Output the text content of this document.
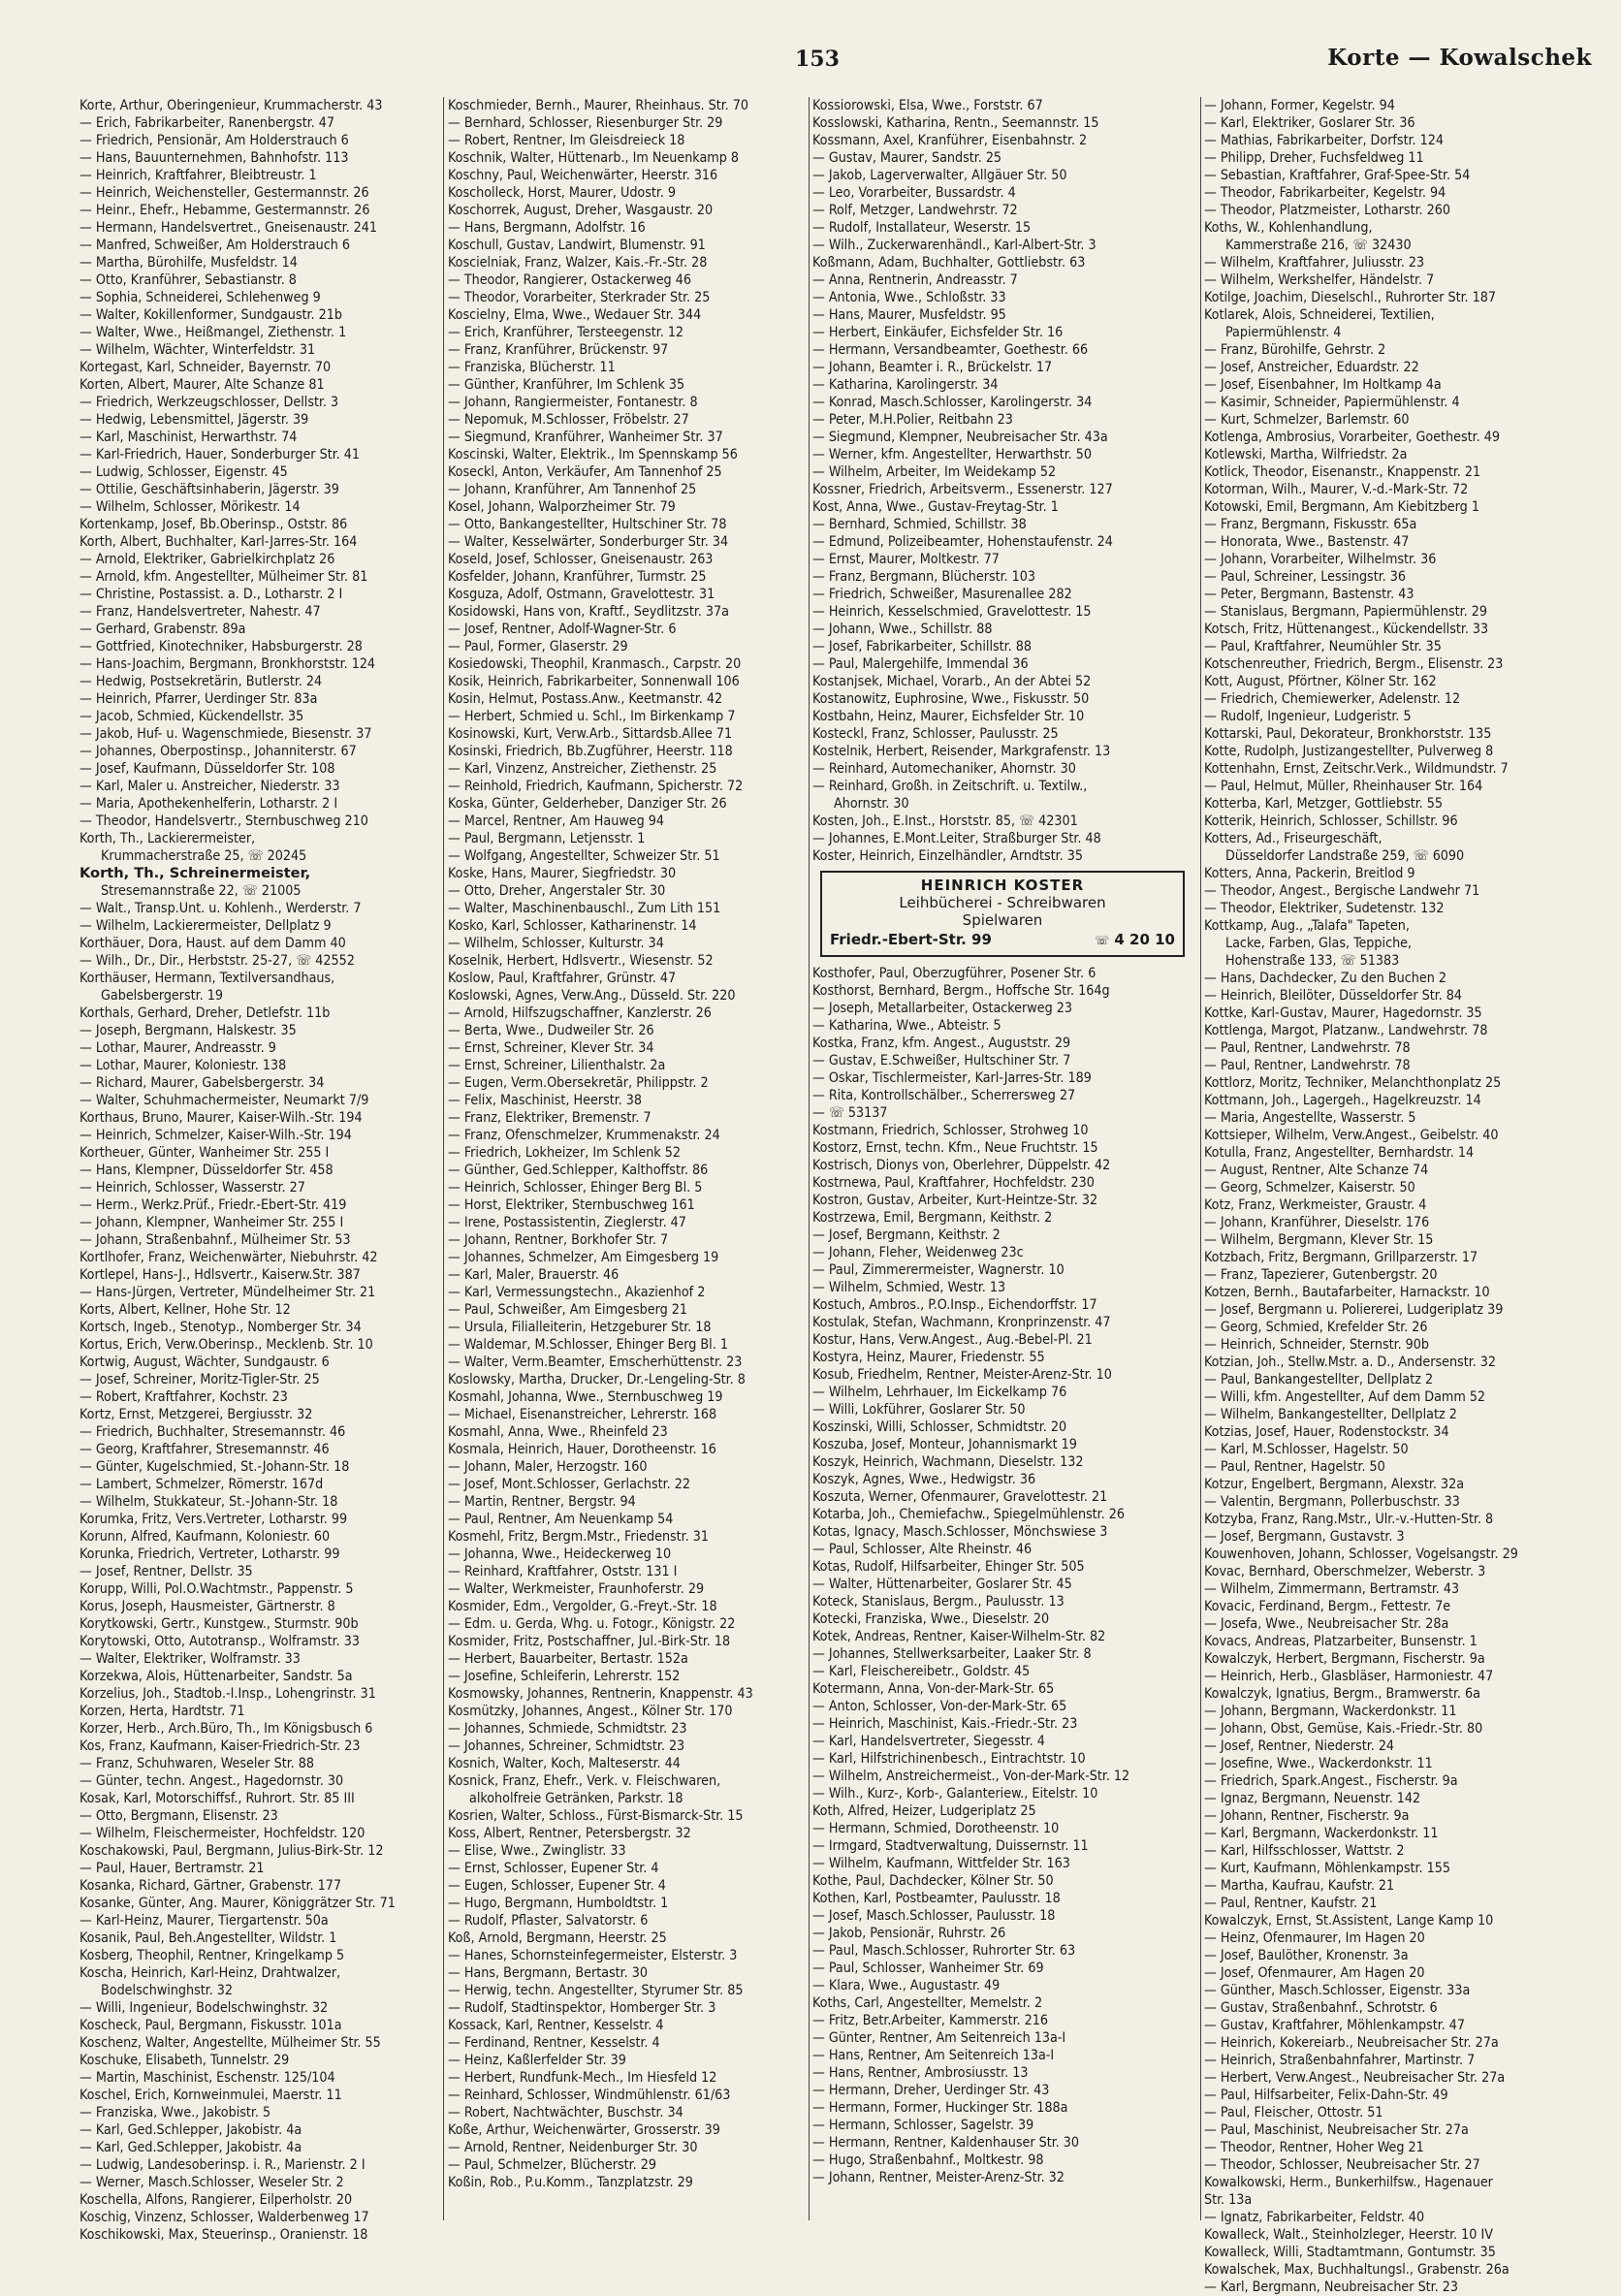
153	Korte — Kowalschek
Korte, Arthur, Oberingenieur, Krummacherstr. 43
— Erich, Fabrikarbeiter, Ranenbergstr. 47
— Friedrich, Pensionär, Am Holderstrauch 6
— Hans, Bauunternehmen, Bahnhofstr. 113
— Heinrich, Kraftfahrer, Bleibtreustr. 1
— Heinrich, Weichensteller, Gestermannstr. 26
— Heinr., Ehefr., Hebamme, Gestermannstr. 26
— Hermann, Handelsvertret., Gneisenaustr. 241
— Manfred, Schweißer, Am Holderstrauch 6
— Martha, Bürohilfe, Musfeldstr. 14
— Otto, Kranführer, Sebastianstr. 8
— Sophia, Schneiderei, Schlehenweg 9
— Walter, Kokillenformer, Sundgaustr. 21b
— Walter, Wwe., Heißmangel, Ziethenstr. 1
— Wilhelm, Wächter, Winterfeldstr. 31
Kortegast, Karl, Schneider, Bayernstr. 70
Korten, Albert, Maurer, Alte Schanze 81
— Friedrich, Werkzeugschlosser, Dellstr. 3
— Hedwig, Lebensmittel, Jägerstr. 39
— Karl, Maschinist, Herwarthstr. 74
— Karl-Friedrich, Hauer, Sonderburger Str. 41
— Ludwig, Schlosser, Eigenstr. 45
— Ottilie, Geschäftsinhaberin, Jägerstr. 39
— Wilhelm, Schlosser, Mörikestr. 14
Kortenkamp, Josef, Bb.Oberinsp., Oststr. 86
Korth, Albert, Buchhalter, Karl-Jarres-Str. 164
— Arnold, Elektriker, Gabrielkirchplatz 26
— Arnold, kfm. Angestellter, Mülheimer Str. 81
— Christine, Postassist. a. D., Lotharstr. 2 I
— Franz, Handelsvertreter, Nahestr. 47
— Gerhard, Grabenstr. 89a
— Gottfried, Kinotechniker, Habsburgerstr. 28
— Hans-Joachim, Bergmann, Bronkhorststr. 124
— Hedwig, Postsekretärin, Butlerstr. 24
— Heinrich, Pfarrer, Uerdinger Str. 83a
— Jacob, Schmied, Kückendellstr. 35
— Jakob, Huf- u. Wagenschmiede, Biesenstr. 37
— Johannes, Oberpostinsp., Johanniterstr. 67
— Josef, Kaufmann, Düsseldorfer Str. 108
— Karl, Maler u. Anstreicher, Niederstr. 33
— Maria, Apothekenhelferin, Lotharstr. 2 I
— Theodor, Handelsvertr., Sternbuschweg 210
Korth, Th., Lackierermeister,
Krummacherstraße 25, ☏ 20245
Korth, Th., Schreinermeister,
Stresemannstraße 22, ☏ 21005
— Walt., Transp.Unt. u. Kohlenh., Werderstr. 7
— Wilhelm, Lackierermeister, Dellplatz 9
Korthäuer, Dora, Haust. auf dem Damm 40
— Wilh., Dr., Dir., Herbststr. 25-27, ☏ 42552
Korthäuser, Hermann, Textilversandhaus,
Gabelsbergerstr. 19
Korthals, Gerhard, Dreher, Detlefstr. 11b
— Joseph, Bergmann, Halskestr. 35
— Lothar, Maurer, Andreasstr. 9
— Lothar, Maurer, Koloniestr. 138
— Richard, Maurer, Gabelsbergerstr. 34
— Walter, Schuhmachermeister, Neumarkt 7/9
Korthaus, Bruno, Maurer, Kaiser-Wilh.-Str. 194
— Heinrich, Schmelzer, Kaiser-Wilh.-Str. 194
Kortheuer, Günter, Wanheimer Str. 255 I
— Hans, Klempner, Düsseldorfer Str. 458
— Heinrich, Schlosser, Wasserstr. 27
— Herm., Werkz.Prüf., Friedr.-Ebert-Str. 419
— Johann, Klempner, Wanheimer Str. 255 I
— Johann, Straßenbahnf., Mülheimer Str. 53
Kortlhofer, Franz, Weichenwärter, Niebuhrstr. 42
Kortlepel, Hans-J., Hdlsvertr., Kaiserw.Str. 387
— Hans-Jürgen, Vertreter, Mündelheimer Str. 21
Korts, Albert, Kellner, Hohe Str. 12
Kortsch, Ingeb., Stenotyp., Nomberger Str. 34
Kortus, Erich, Verw.Oberinsp., Mecklenb. Str. 10
Kortwig, August, Wächter, Sundgaustr. 6
— Josef, Schreiner, Moritz-Tigler-Str. 25
— Robert, Kraftfahrer, Kochstr. 23
Kortz, Ernst, Metzgerei, Bergiusstr. 32
— Friedrich, Buchhalter, Stresemannstr. 46
— Georg, Kraftfahrer, Stresemannstr. 46
— Günter, Kugelschmied, St.-Johann-Str. 18
— Lambert, Schmelzer, Römerstr. 167d
— Wilhelm, Stukkateur, St.-Johann-Str. 18
Korumka, Fritz, Vers.Vertreter, Lotharstr. 99
Korunn, Alfred, Kaufmann, Koloniestr. 60
Korunka, Friedrich, Vertreter, Lotharstr. 99
— Josef, Rentner, Dellstr. 35
Korupp, Willi, Pol.O.Wachtmstr., Pappenstr. 5
Korus, Joseph, Hausmeister, Gärtnerstr. 8
Korytkowski, Gertr., Kunstgew., Sturmstr. 90b
Korytowski, Otto, Autotransp., Wolframstr. 33
— Walter, Elektriker, Wolframstr. 33
Korzekwa, Alois, Hüttenarbeiter, Sandstr. 5a
Korzelius, Joh., Stadtob.-I.Insp., Lohengrinstr. 31
Korzen, Herta, Hardtstr. 71
Korzer, Herb., Arch.Büro, Th., Im Königsbusch 6
Kos, Franz, Kaufmann, Kaiser-Friedrich-Str. 23
— Franz, Schuhwaren, Weseler Str. 88
— Günter, techn. Angest., Hagedornstr. 30
Kosak, Karl, Motorschiffsf., Ruhrort. Str. 85 III
— Otto, Bergmann, Elisenstr. 23
— Wilhelm, Fleischermeister, Hochfeldstr. 120
Koschakowski, Paul, Bergmann, Julius-Birk-Str. 12
— Paul, Hauer, Bertramstr. 21
Kosanka, Richard, Gärtner, Grabenstr. 177
Kosanke, Günter, Ang. Maurer, Königgrätzer Str. 71
— Karl-Heinz, Maurer, Tiergartenstr. 50a
Kosanik, Paul, Beh.Angestellter, Wildstr. 1
Kosberg, Theophil, Rentner, Kringelkamp 5
Koscha, Heinrich, Karl-Heinz, Drahtwalzer,
Bodelschwinghstr. 32
— Willi, Ingenieur, Bodelschwinghstr. 32
Koscheck, Paul, Bergmann, Fiskusstr. 101a
Koschenz, Walter, Angestellte, Mülheimer Str. 55
Koschuke, Elisabeth, Tunnelstr. 29
— Martin, Maschinist, Eschenstr. 125/104
Koschel, Erich, Kornweinmulei, Maerstr. 11
— Franziska, Wwe., Jakobistr. 5
— Karl, Ged.Schlepper, Jakobistr. 4a
— Karl, Ged.Schlepper, Jakobistr. 4a
— Ludwig, Landesoberinsp. i. R., Marienstr. 2 I
— Werner, Masch.Schlosser, Weseler Str. 2
Koschella, Alfons, Rangierer, Eilperholstr. 20
Koschig, Vinzenz, Schlosser, Walderbenweg 17
Koschikowski, Max, Steuerinsp., Oranienstr. 18
Koschmieder, Bernh., Maurer, Rheinhaus. Str. 70
— Bernhard, Schlosser, Riesenburger Str. 29
— Robert, Rentner, Im Gleisdreieck 18
Koschnik, Walter, Hüttenarb., Im Neuenkamp 8
Koschny, Paul, Weichenwärter, Heerstr. 316
Koscholleck, Horst, Maurer, Udostr. 9
Koschorrek, August, Dreher, Wasgaustr. 20
— Hans, Bergmann, Adolfstr. 16
Koschull, Gustav, Landwirt, Blumenstr. 91
Koscielniak, Franz, Walzer, Kais.-Fr.-Str. 28
— Theodor, Rangierer, Ostackerweg 46
— Theodor, Vorarbeiter, Sterkrader Str. 25
Koscielny, Elma, Wwe., Wedauer Str. 344
— Erich, Kranführer, Tersteegenstr. 12
— Franz, Kranführer, Brückenstr. 97
— Franziska, Blücherstr. 11
— Günther, Kranführer, Im Schlenk 35
— Johann, Rangiermeister, Fontanestr. 8
— Nepomuk, M.Schlosser, Fröbelstr. 27
— Siegmund, Kranführer, Wanheimer Str. 37
Koscinski, Walter, Elektrik., Im Spennskamp 56
Koseckl, Anton, Verkäufer, Am Tannenhof 25
— Johann, Kranführer, Am Tannenhof 25
Kosel, Johann, Walporzheimer Str. 79
— Otto, Bankangestellter, Hultschiner Str. 78
— Walter, Kesselwärter, Sonderburger Str. 34
Koseld, Josef, Schlosser, Gneisenaustr. 263
Kosfelder, Johann, Kranführer, Turmstr. 25
Kosguza, Adolf, Ostmann, Gravelottestr. 31
Kosidowski, Hans von, Kraftf., Seydlitzstr. 37a
— Josef, Rentner, Adolf-Wagner-Str. 6
— Paul, Former, Glaserstr. 29
Kosiedowski, Theophil, Kranmasch., Carpstr. 20
Kosik, Heinrich, Fabrikarbeiter, Sonnenwall 106
Kosin, Helmut, Postass.Anw., Keetmanstr. 42
— Herbert, Schmied u. Schl., Im Birkenkamp 7
Kosinowski, Kurt, Verw.Arb., Sittardsb.Allee 71
Kosinski, Friedrich, Bb.Zugführer, Heerstr. 118
— Karl, Vinzenz, Anstreicher, Ziethenstr. 25
— Reinhold, Friedrich, Kaufmann, Spicherstr. 72
Koska, Günter, Gelderheber, Danziger Str. 26
— Marcel, Rentner, Am Hauweg 94
— Paul, Bergmann, Letjensstr. 1
— Wolfgang, Angestellter, Schweizer Str. 51
Koske, Hans, Maurer, Siegfriedstr. 30
— Otto, Dreher, Angerstaler Str. 30
— Walter, Maschinenbauschl., Zum Lith 151
Kosko, Karl, Schlosser, Katharinenstr. 14
— Wilhelm, Schlosser, Kulturstr. 34
Koselnik, Herbert, Hdlsvertr., Wiesenstr. 52
Koslow, Paul, Kraftfahrer, Grünstr. 47
Koslowski, Agnes, Verw.Ang., Düsseld. Str. 220
— Arnold, Hilfszugschaffner, Kanzlerstr. 26
— Berta, Wwe., Dudweiler Str. 26
— Ernst, Schreiner, Klever Str. 34
— Ernst, Schreiner, Lilienthalstr. 2a
— Eugen, Verm.Obersekretär, Philippstr. 2
— Felix, Maschinist, Heerstr. 38
— Franz, Elektriker, Bremenstr. 7
— Franz, Ofenschmelzer, Krummenakstr. 24
— Friedrich, Lokheizer, Im Schlenk 52
— Günther, Ged.Schlepper, Kalthoffstr. 86
— Heinrich, Schlosser, Ehinger Berg Bl. 5
— Horst, Elektriker, Sternbuschweg 161
— Irene, Postassistentin, Zieglerstr. 47
— Johann, Rentner, Borkhofer Str. 7
— Johannes, Schmelzer, Am Eimgesberg 19
— Karl, Maler, Brauerstr. 46
— Karl, Vermessungstechn., Akazienhof 2
— Paul, Schweißer, Am Eimgesberg 21
— Ursula, Filialleiterin, Hetzgeburer Str. 18
— Waldemar, M.Schlosser, Ehinger Berg Bl. 1
— Walter, Verm.Beamter, Emscherhüttenstr. 23
Koslowsky, Martha, Drucker, Dr.-Lengeling-Str. 8
Kosmahl, Johanna, Wwe., Sternbuschweg 19
— Michael, Eisenanstreicher, Lehrerstr. 168
Kosmahl, Anna, Wwe., Rheinfeld 23
Kosmala, Heinrich, Hauer, Dorotheenstr. 16
— Johann, Maler, Herzogstr. 160
— Josef, Mont.Schlosser, Gerlachstr. 22
— Martin, Rentner, Bergstr. 94
— Paul, Rentner, Am Neuenkamp 54
Kosmehl, Fritz, Bergm.Mstr., Friedenstr. 31
— Johanna, Wwe., Heideckerweg 10
— Reinhard, Kraftfahrer, Oststr. 131 I
— Walter, Werkmeister, Fraunhoferstr. 29
Kosmider, Edm., Vergolder, G.-Freyt.-Str. 18
— Edm. u. Gerda, Whg. u. Fotogr., Königstr. 22
Kosmider, Fritz, Postschaffner, Jul.-Birk-Str. 18
— Herbert, Bauarbeiter, Bertastr. 152a
— Josefine, Schleiferin, Lehrerstr. 152
Kosmowsky, Johannes, Rentnerin, Knappenstr. 43
Kosmützky, Johannes, Angest., Kölner Str. 170
— Johannes, Schmiede, Schmidtstr. 23
— Johannes, Schreiner, Schmidtstr. 23
Kosnich, Walter, Koch, Malteserstr. 44
Kosnick, Franz, Ehefr., Verk. v. Fleischwaren,
alkoholfreie Getränken, Parkstr. 18
Kosrien, Walter, Schloss., Fürst-Bismarck-Str. 15
Koss, Albert, Rentner, Petersbergstr. 32
— Elise, Wwe., Zwinglistr. 33
— Ernst, Schlosser, Eupener Str. 4
— Eugen, Schlosser, Eupener Str. 4
— Hugo, Bergmann, Humboldtstr. 1
— Rudolf, Pflaster, Salvatorstr. 6
Koß, Arnold, Bergmann, Heerstr. 25
— Hanes, Schornsteinfegermeister, Elsterstr. 3
— Hans, Bergmann, Bertastr. 30
— Herwig, techn. Angestellter, Styrumer Str. 85
— Rudolf, Stadtinspektor, Homberger Str. 3
Kossack, Karl, Rentner, Kesselstr. 4
— Ferdinand, Rentner, Kesselstr. 4
— Heinz, Kaßlerfelder Str. 39
— Herbert, Rundfunk-Mech., Im Hiesfeld 12
— Reinhard, Schlosser, Windmühlenstr. 61/63
— Robert, Nachtwächter, Buschstr. 34
Koße, Arthur, Weichenwärter, Grosserstr. 39
— Arnold, Rentner, Neidenburger Str. 30
— Paul, Schmelzer, Blücherstr. 29
Koßin, Rob., P.u.Komm., Tanzplatzstr. 29
Kossiorowski, Elsa, Wwe., Forststr. 67
Kosslowski, Katharina, Rentn., Seemannstr. 15
Kossmann, Axel, Kranführer, Eisenbahnstr. 2
— Gustav, Maurer, Sandstr. 25
— Jakob, Lagerverwalter, Allgäuer Str. 50
— Leo, Vorarbeiter, Bussardstr. 4
— Rolf, Metzger, Landwehrstr. 72
— Rudolf, Installateur, Weserstr. 15
— Wilh., Zuckerwarenhändl., Karl-Albert-Str. 3
Koßmann, Adam, Buchhalter, Gottliebstr. 63
— Anna, Rentnerin, Andreasstr. 7
— Antonia, Wwe., Schloßstr. 33
— Hans, Maurer, Musfeldstr. 95
— Herbert, Einkäufer, Eichsfelder Str. 16
— Hermann, Versandbeamter, Goethestr. 66
— Johann, Beamter i. R., Brückelstr. 17
— Katharina, Karolingerstr. 34
— Konrad, Masch.Schlosser, Karolingerstr. 34
— Peter, M.H.Polier, Reitbahn 23
— Siegmund, Klempner, Neubreisacher Str. 43a
— Werner, kfm. Angestellter, Herwarthstr. 50
— Wilhelm, Arbeiter, Im Weidekamp 52
Kossner, Friedrich, Arbeitsverm., Essenerstr. 127
Kost, Anna, Wwe., Gustav-Freytag-Str. 1
— Bernhard, Schmied, Schillstr. 38
— Edmund, Polizeibeamter, Hohenstaufenstr. 24
— Ernst, Maurer, Moltkestr. 77
— Franz, Bergmann, Blücherstr. 103
— Friedrich, Schweißer, Masurenallee 282
— Heinrich, Kesselschmied, Gravelottestr. 15
— Johann, Wwe., Schillstr. 88
— Josef, Fabrikarbeiter, Schillstr. 88
— Paul, Malergehilfe, Immendal 36
Kostanjsek, Michael, Vorarb., An der Abtei 52
Kostanowitz, Euphrosine, Wwe., Fiskusstr. 50
Kostbahn, Heinz, Maurer, Eichsfelder Str. 10
Kosteckl, Franz, Schlosser, Paulusstr. 25
Kostelnik, Herbert, Reisender, Markgrafenstr. 13
— Reinhard, Automechaniker, Ahornstr. 30
— Reinhard, Großh. in Zeitschrift. u. Textilw.,
Ahornstr. 30
Kosten, Joh., E.Inst., Horststr. 85, ☏ 42301
— Johannes, E.Mont.Leiter, Straßburger Str. 48
Koster, Heinrich, Einzelhändler, Arndtstr. 35
HEINRICH KOSTER
Leihbücherei - Schreibwaren
Spielwaren
Friedr.-Ebert-Str. 99	☏ 4 20 10
Kosthofer, Paul, Oberzugführer, Posener Str. 6
Kosthorst, Bernhard, Bergm., Hoffsche Str. 164g
— Joseph, Metallarbeiter, Ostackerweg 23
— Katharina, Wwe., Abteistr. 5
Kostka, Franz, kfm. Angest., Auguststr. 29
— Gustav, E.Schweißer, Hultschiner Str. 7
— Oskar, Tischlermeister, Karl-Jarres-Str. 189
— Rita, Kontrollschälber., Scherrersweg 27
— ☏ 53137
Kostmann, Friedrich, Schlosser, Strohweg 10
Kostorz, Ernst, techn. Kfm., Neue Fruchtstr. 15
Kostrisch, Dionys von, Oberlehrer, Düppelstr. 42
Kostrnewa, Paul, Kraftfahrer, Hochfeldstr. 230
Kostron, Gustav, Arbeiter, Kurt-Heintze-Str. 32
Kostrzewa, Emil, Bergmann, Keithstr. 2
— Josef, Bergmann, Keithstr. 2
— Johann, Fleher, Weidenweg 23c
— Paul, Zimmerermeister, Wagnerstr. 10
— Wilhelm, Schmied, Westr. 13
Kostuch, Ambros., P.O.Insp., Eichendorffstr. 17
Kostulak, Stefan, Wachmann, Kronprinzenstr. 47
Kostur, Hans, Verw.Angest., Aug.-Bebel-Pl. 21
Kostyra, Heinz, Maurer, Friedenstr. 55
Kosub, Friedhelm, Rentner, Meister-Arenz-Str. 10
— Wilhelm, Lehrhauer, Im Eickelkamp 76
— Willi, Lokführer, Goslarer Str. 50
Koszinski, Willi, Schlosser, Schmidtstr. 20
Koszuba, Josef, Monteur, Johannismarkt 19
Koszyk, Heinrich, Wachmann, Dieselstr. 132
Koszyk, Agnes, Wwe., Hedwigstr. 36
Koszuta, Werner, Ofenmaurer, Gravelottestr. 21
Kotarba, Joh., Chemiefachw., Spiegelmühlenstr. 26
Kotas, Ignacy, Masch.Schlosser, Mönchswiese 3
— Paul, Schlosser, Alte Rheinstr. 46
Kotas, Rudolf, Hilfsarbeiter, Ehinger Str. 505
— Walter, Hüttenarbeiter, Goslarer Str. 45
Koteck, Stanislaus, Bergm., Paulusstr. 13
Kotecki, Franziska, Wwe., Dieselstr. 20
Kotek, Andreas, Rentner, Kaiser-Wilhelm-Str. 82
— Johannes, Stellwerksarbeiter, Laaker Str. 8
— Karl, Fleischereibetr., Goldstr. 45
Kotermann, Anna, Von-der-Mark-Str. 65
— Anton, Schlosser, Von-der-Mark-Str. 65
— Heinrich, Maschinist, Kais.-Friedr.-Str. 23
— Karl, Handelsvertreter, Siegesstr. 4
— Karl, Hilfstrichinenbesch., Eintrachtstr. 10
— Wilhelm, Anstreichermeist., Von-der-Mark-Str. 12
— Wilh., Kurz-, Korb-, Galanteriew., Eitelstr. 10
Koth, Alfred, Heizer, Ludgeriplatz 25
— Hermann, Schmied, Dorotheenstr. 10
— Irmgard, Stadtverwaltung, Duissernstr. 11
— Wilhelm, Kaufmann, Wittfelder Str. 163
Kothe, Paul, Dachdecker, Kölner Str. 50
Kothen, Karl, Postbeamter, Paulusstr. 18
— Josef, Masch.Schlosser, Paulusstr. 18
— Jakob, Pensionär, Ruhrstr. 26
— Paul, Masch.Schlosser, Ruhrorter Str. 63
— Paul, Schlosser, Wanheimer Str. 69
— Klara, Wwe., Augustastr. 49
Koths, Carl, Angestellter, Memelstr. 2
— Fritz, Betr.Arbeiter, Kammerstr. 216
— Günter, Rentner, Am Seitenreich 13a-I
— Hans, Rentner, Am Seitenreich 13a-I
— Hans, Rentner, Ambrosiusstr. 13
— Hermann, Dreher, Uerdinger Str. 43
— Hermann, Former, Huckinger Str. 188a
— Hermann, Schlosser, Sagelstr. 39
— Hermann, Rentner, Kaldenhauser Str. 30
— Hugo, Straßenbahnf., Moltkestr. 98
— Johann, Rentner, Meister-Arenz-Str. 32
— Johann, Former, Kegelstr. 94
— Karl, Elektriker, Goslarer Str. 36
— Mathias, Fabrikarbeiter, Dorfstr. 124
— Philipp, Dreher, Fuchsfeldweg 11
— Sebastian, Kraftfahrer, Graf-Spee-Str. 54
— Theodor, Fabrikarbeiter, Kegelstr. 94
— Theodor, Platzmeister, Lotharstr. 260
Koths, W., Kohlenhandlung,
Kammerstraße 216, ☏ 32430
— Wilhelm, Kraftfahrer, Juliusstr. 23
— Wilhelm, Werkshelfer, Händelstr. 7
Kotilge, Joachim, Dieselschl., Ruhrorter Str. 187
Kotlarek, Alois, Schneiderei, Textilien,
Papiermühlenstr. 4
— Franz, Bürohilfe, Gehrstr. 2
— Josef, Anstreicher, Eduardstr. 22
— Josef, Eisenbahner, Im Holtkamp 4a
— Kasimir, Schneider, Papiermühlenstr. 4
— Kurt, Schmelzer, Barlemstr. 60
Kotlenga, Ambrosius, Vorarbeiter, Goethestr. 49
Kotlewski, Martha, Wilfriedstr. 2a
Kotlick, Theodor, Eisenanstr., Knappenstr. 21
Kotorman, Wilh., Maurer, V.-d.-Mark-Str. 72
Kotowski, Emil, Bergmann, Am Kiebitzberg 1
— Franz, Bergmann, Fiskusstr. 65a
— Honorata, Wwe., Bastenstr. 47
— Johann, Vorarbeiter, Wilhelmstr. 36
— Paul, Schreiner, Lessingstr. 36
— Peter, Bergmann, Bastenstr. 43
— Stanislaus, Bergmann, Papiermühlenstr. 29
Kotsch, Fritz, Hüttenangest., Kückendellstr. 33
— Paul, Kraftfahrer, Neumühler Str. 35
Kotschenreuther, Friedrich, Bergm., Elisenstr. 23
Kott, August, Pförtner, Kölner Str. 162
— Friedrich, Chemiewerker, Adelenstr. 12
— Rudolf, Ingenieur, Ludgeristr. 5
Kottarski, Paul, Dekorateur, Bronkhorststr. 135
Kotte, Rudolph, Justizangestellter, Pulverweg 8
Kottenhahn, Ernst, Zeitschr.Verk., Wildmundstr. 7
— Paul, Helmut, Müller, Rheinhauser Str. 164
Kotterba, Karl, Metzger, Gottliebstr. 55
Kotterik, Heinrich, Schlosser, Schillstr. 96
Kotters, Ad., Friseurgeschäft,
Düsseldorfer Landstraße 259, ☏ 6090
Kotters, Anna, Packerin, Breitlod 9
— Theodor, Angest., Bergische Landwehr 71
— Theodor, Elektriker, Sudetenstr. 132
Kottkamp, Aug., „Talafa" Tapeten,
Lacke, Farben, Glas, Teppiche,
Hohenstraße 133, ☏ 51383
— Hans, Dachdecker, Zu den Buchen 2
— Heinrich, Bleilöter, Düsseldorfer Str. 84
Kottke, Karl-Gustav, Maurer, Hagedornstr. 35
Kottlenga, Margot, Platzanw., Landwehrstr. 78
— Paul, Rentner, Landwehrstr. 78
— Paul, Rentner, Landwehrstr. 78
Kottlorz, Moritz, Techniker, Melanchthonplatz 25
Kottmann, Joh., Lagergeh., Hagelkreuzstr. 14
— Maria, Angestellte, Wasserstr. 5
Kottsieper, Wilhelm, Verw.Angest., Geibelstr. 40
Kotulla, Franz, Angestellter, Bernhardstr. 14
— August, Rentner, Alte Schanze 74
— Georg, Schmelzer, Kaiserstr. 50
Kotz, Franz, Werkmeister, Graustr. 4
— Johann, Kranführer, Dieselstr. 176
— Wilhelm, Bergmann, Klever Str. 15
Kotzbach, Fritz, Bergmann, Grillparzerstr. 17
— Franz, Tapezierer, Gutenbergstr. 20
Kotzen, Bernh., Bautafarbeiter, Harnackstr. 10
— Josef, Bergmann u. Poliererei, Ludgeriplatz 39
— Georg, Schmied, Krefelder Str. 26
— Heinrich, Schneider, Sternstr. 90b
Kotzian, Joh., Stellw.Mstr. a. D., Andersenstr. 32
— Paul, Bankangestellter, Dellplatz 2
— Willi, kfm. Angestellter, Auf dem Damm 52
— Wilhelm, Bankangestellter, Dellplatz 2
Kotzias, Josef, Hauer, Rodenstockstr. 34
— Karl, M.Schlosser, Hagelstr. 50
— Paul, Rentner, Hagelstr. 50
Kotzur, Engelbert, Bergmann, Alexstr. 32a
— Valentin, Bergmann, Pollerbuschstr. 33
Kotzyba, Franz, Rang.Mstr., Ulr.-v.-Hutten-Str. 8
— Josef, Bergmann, Gustavstr. 3
Kouwenhoven, Johann, Schlosser, Vogelsangstr. 29
Kovac, Bernhard, Oberschmelzer, Weberstr. 3
— Wilhelm, Zimmermann, Bertramstr. 43
Kovacic, Ferdinand, Bergm., Fettestr. 7e
— Josefa, Wwe., Neubreisacher Str. 28a
Kovacs, Andreas, Platzarbeiter, Bunsenstr. 1
Kowalczyk, Herbert, Bergmann, Fischerstr. 9a
— Heinrich, Herb., Glasbläser, Harmoniestr. 47
Kowalczyk, Ignatius, Bergm., Bramwerstr. 6a
— Johann, Bergmann, Wackerdonkstr. 11
— Johann, Obst, Gemüse, Kais.-Friedr.-Str. 80
— Josef, Rentner, Niederstr. 24
— Josefine, Wwe., Wackerdonkstr. 11
— Friedrich, Spark.Angest., Fischerstr. 9a
— Ignaz, Bergmann, Neuenstr. 142
— Johann, Rentner, Fischerstr. 9a
— Karl, Bergmann, Wackerdonkstr. 11
— Karl, Hilfsschlosser, Wattstr. 2
— Kurt, Kaufmann, Möhlenkampstr. 155
— Martha, Kaufrau, Kaufstr. 21
— Paul, Rentner, Kaufstr. 21
Kowalczyk, Ernst, St.Assistent, Lange Kamp 10
— Heinz, Ofenmaurer, Im Hagen 20
— Josef, Baulöther, Kronenstr. 3a
— Josef, Ofenmaurer, Am Hagen 20
— Günther, Masch.Schlosser, Eigenstr. 33a
— Gustav, Straßenbahnf., Schrotstr. 6
— Gustav, Kraftfahrer, Möhlenkampstr. 47
— Heinrich, Kokereiarb., Neubreisacher Str. 27a
— Heinrich, Straßenbahnfahrer, Martinstr. 7
— Herbert, Verw.Angest., Neubreisacher Str. 27a
— Paul, Hilfsarbeiter, Felix-Dahn-Str. 49
— Paul, Fleischer, Ottostr. 51
— Paul, Maschinist, Neubreisacher Str. 27a
— Theodor, Rentner, Hoher Weg 21
— Theodor, Schlosser, Neubreisacher Str. 27
Kowalkowski, Herm., Bunkerhilfsw., Hagenauer
Str. 13a
— Ignatz, Fabrikarbeiter, Feldstr. 40
Kowalleck, Walt., Steinholzleger, Heerstr. 10 IV
Kowalleck, Willi, Stadtamtmann, Gontumstr. 35
Kowalschek, Max, Buchhaltungsl., Grabenstr. 26a
— Karl, Bergmann, Neubreisacher Str. 23
